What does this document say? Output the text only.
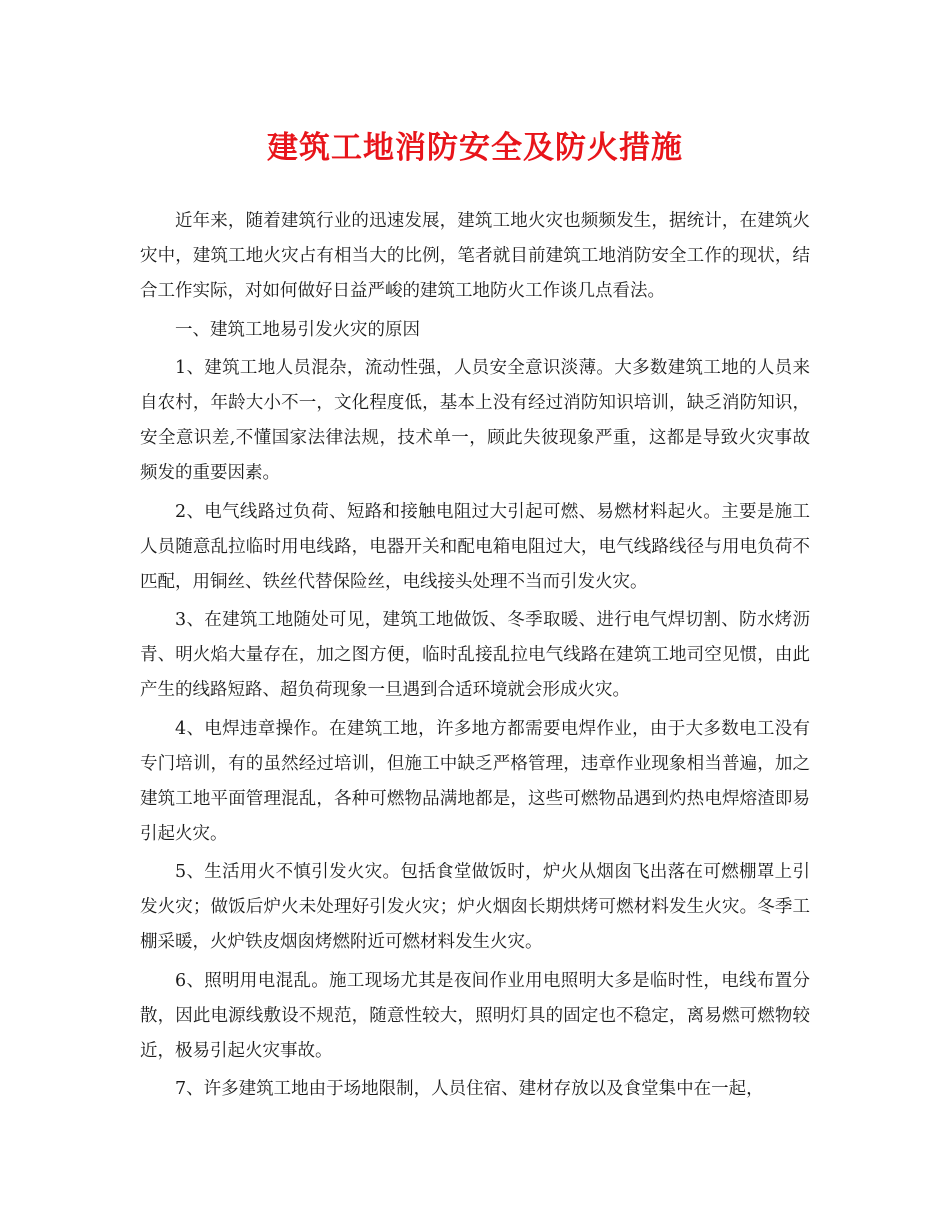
建筑工地消防安全及防火措施

近年来，随着建筑行业的迅速发展，建筑工地火灾也频频发生，据统计，在建筑火灾中，建筑工地火灾占有相当大的比例，笔者就目前建筑工地消防安全工作的现状，结合工作实际，对如何做好日益严峻的建筑工地防火工作谈几点看法。

一、建筑工地易引发火灾的原因

1、建筑工地人员混杂，流动性强，人员安全意识淡薄。大多数建筑工地的人员来自农村，年龄大小不一，文化程度低，基本上没有经过消防知识培训，缺乏消防知识，安全意识差,不懂国家法律法规，技术单一，顾此失彼现象严重，这都是导致火灾事故频发的重要因素。

2、电气线路过负荷、短路和接触电阻过大引起可燃、易燃材料起火。主要是施工人员随意乱拉临时用电线路，电器开关和配电箱电阻过大，电气线路线径与用电负荷不匹配，用铜丝、铁丝代替保险丝，电线接头处理不当而引发火灾。

3、在建筑工地随处可见，建筑工地做饭、冬季取暖、进行电气焊切割、防水烤沥青、明火焰大量存在，加之图方便，临时乱接乱拉电气线路在建筑工地司空见惯，由此产生的线路短路、超负荷现象一旦遇到合适环境就会形成火灾。

4、电焊违章操作。在建筑工地，许多地方都需要电焊作业，由于大多数电工没有专门培训，有的虽然经过培训，但施工中缺乏严格管理，违章作业现象相当普遍，加之建筑工地平面管理混乱，各种可燃物品满地都是，这些可燃物品遇到灼热电焊熔渣即易引起火灾。

5、生活用火不慎引发火灾。包括食堂做饭时，炉火从烟囱飞出落在可燃棚罩上引发火灾；做饭后炉火未处理好引发火灾；炉火烟囱长期烘烤可燃材料发生火灾。冬季工棚采暖，火炉铁皮烟囱烤燃附近可燃材料发生火灾。

6、照明用电混乱。施工现场尤其是夜间作业用电照明大多是临时性，电线布置分散，因此电源线敷设不规范，随意性较大，照明灯具的固定也不稳定，离易燃可燃物较近，极易引起火灾事故。

7、许多建筑工地由于场地限制，人员住宿、建材存放以及食堂集中在一起，
